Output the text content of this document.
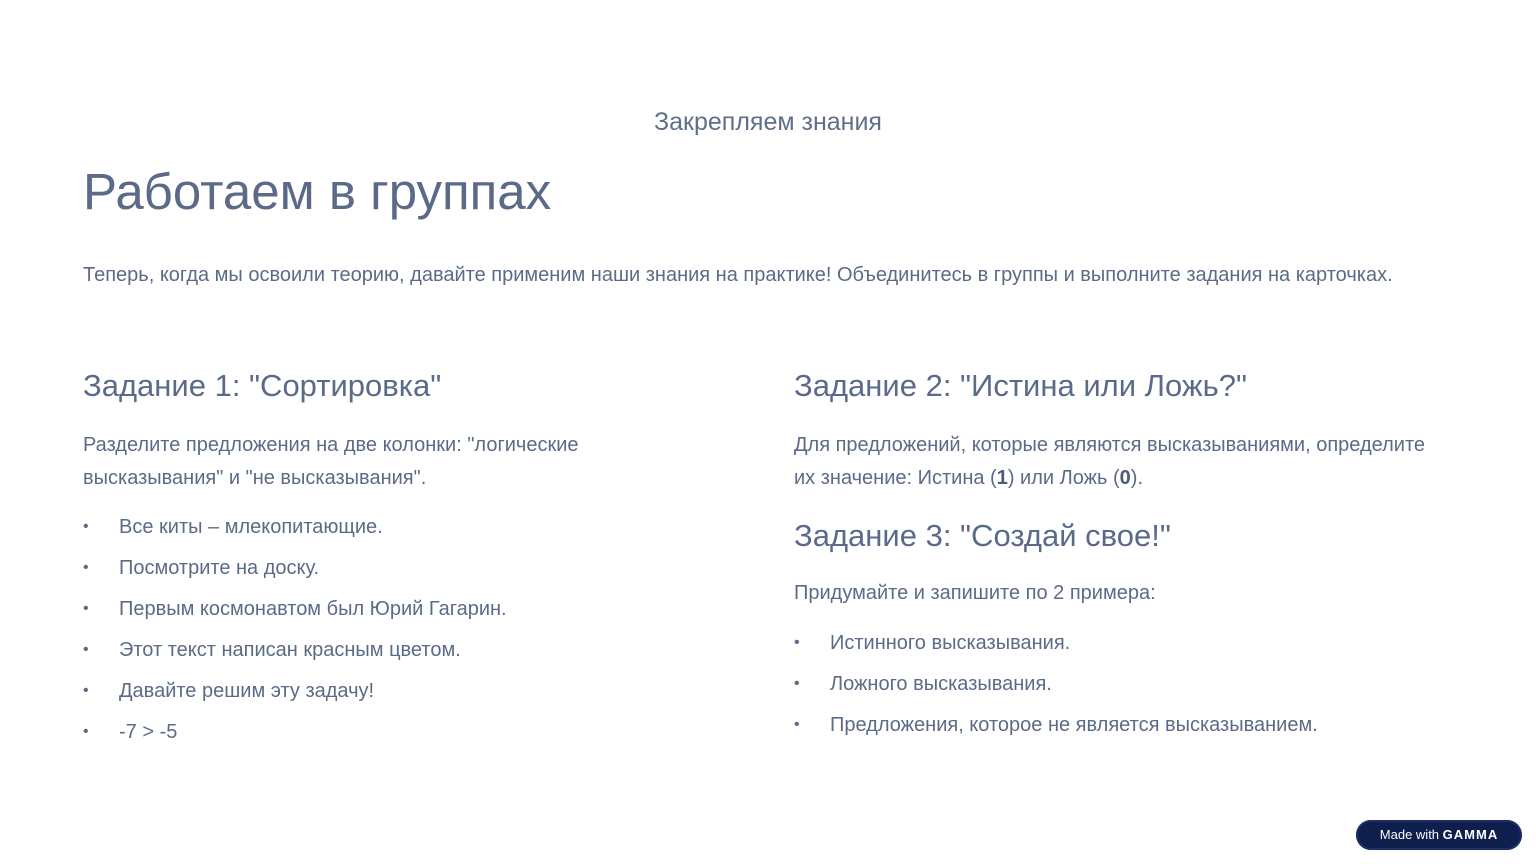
Закрепляем знания
Работаем в группах

Теперь, когда мы освоили теорию, давайте применим наши знания на практике! Объединитесь в группы и выполните задания на карточках.

Задание 1: "Сортировка"

Разделите предложения на две колонки: "логические
высказывания" и "не высказывания".

•	Все киты – млекопитающие.
•	Посмотрите на доску.
•	Первым космонавтом был Юрий Гагарин.
•	Этот текст написан красным цветом.
•	Давайте решим эту задачу!
•	-7 > -5
Задание 2: "Истина или Ложь?"

Для предложений, которые являются высказываниями, определите
их значение: Истина (1) или Ложь (0).

Задание 3: "Создай свое!"

Придумайте и запишите по 2 примера:

•	Истинного высказывания.
•	Ложного высказывания.
•	Предложения, которое не является высказыванием.
Made with GAMMA
